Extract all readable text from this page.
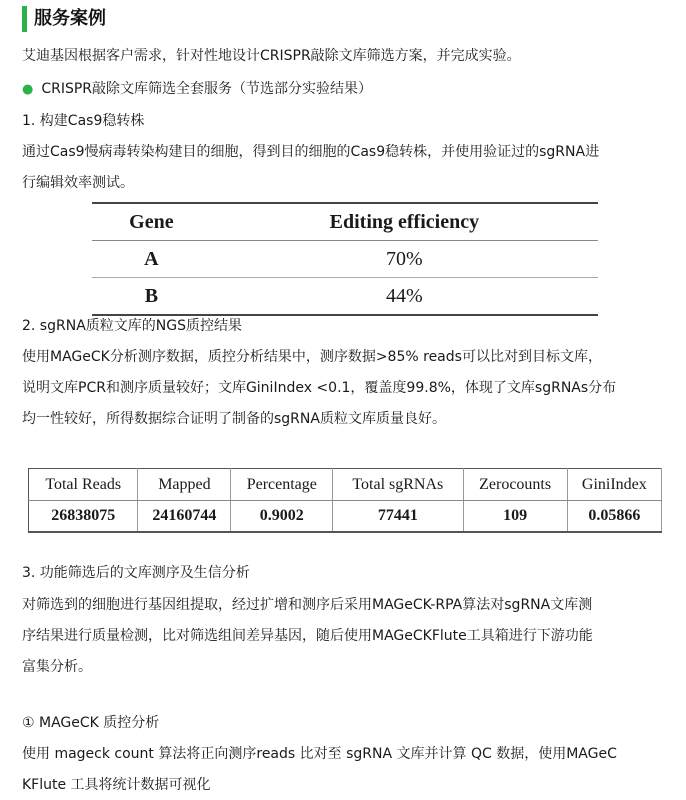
服务案例
艾迪基因根据客户需求，针对性地设计CRISPR敲除文库筛选方案，并完成实验。
● CRISPR敲除文库筛选全套服务（节选部分实验结果）
1. 构建Cas9稳转株
通过Cas9慢病毒转染构建目的细胞，得到目的细胞的Cas9稳转株，并使用验证过的sgRNA进
行编辑效率测试。
Gene	Editing efficiency
A	70%
B	44%
2. sgRNA质粒文库的NGS质控结果
使用MAGeCK分析测序数据，质控分析结果中，测序数据>85% reads可以比对到目标文库，
说明文库PCR和测序质量较好；文库GiniIndex <0.1，覆盖度99.8%，体现了文库sgRNAs分布
均一性较好，所得数据综合证明了制备的sgRNA质粒文库质量良好。
Total Reads	Mapped	Percentage	Total sgRNAs	Zerocounts	GiniIndex
26838075	24160744	0.9002	77441	109	0.05866
3. 功能筛选后的文库测序及生信分析
对筛选到的细胞进行基因组提取，经过扩增和测序后采用MAGeCK-RPA算法对sgRNA文库测
序结果进行质量检测，比对筛选组间差异基因，随后使用MAGeCKFlute工具箱进行下游功能
富集分析。
① MAGeCK 质控分析
使用 mageck count 算法将正向测序reads 比对至 sgRNA 文库并计算 QC 数据，使用MAGeC
KFlute 工具将统计数据可视化
